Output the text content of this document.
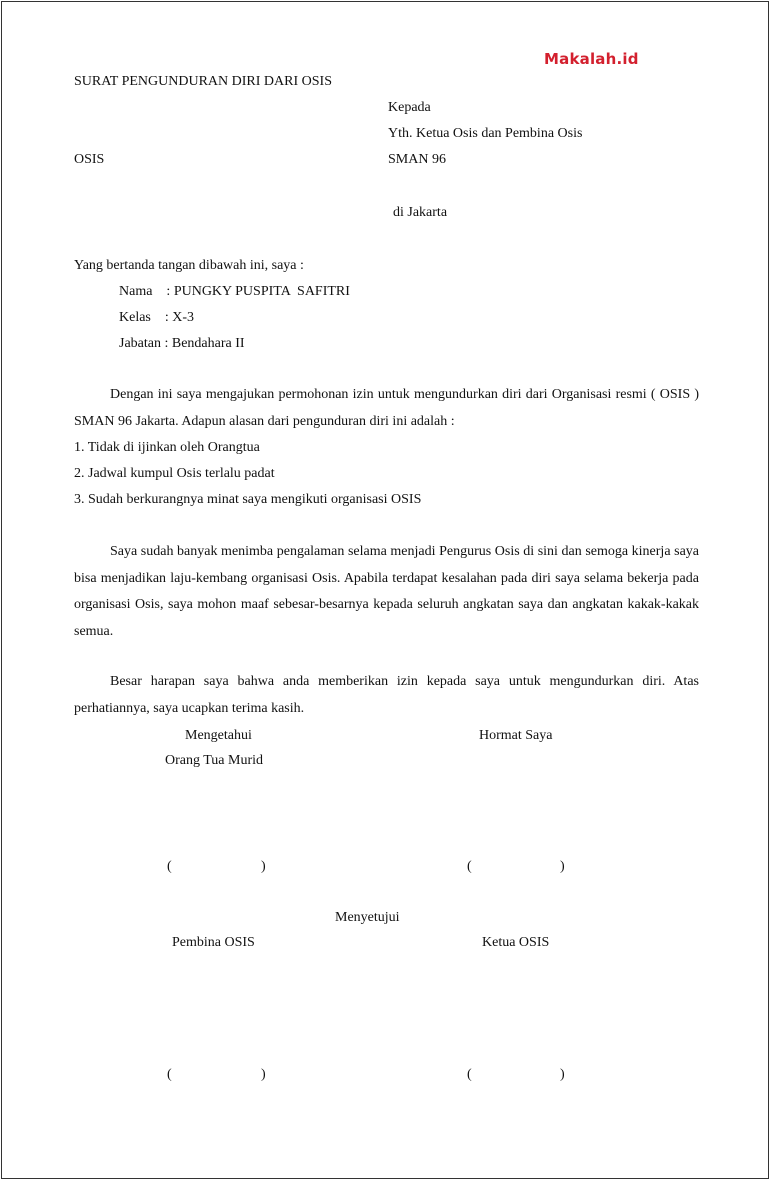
Makalah.id
SURAT PENGUNDURAN DIRI DARI OSIS
Kepada
Yth. Ketua Osis dan Pembina Osis
OSIS	SMAN 96
di Jakarta
Yang bertanda tangan dibawah ini, saya :
Nama    : PUNGKY PUSPITA  SAFITRI
Kelas    : X-3
Jabatan : Bendahara II

Dengan ini saya mengajukan permohonan izin untuk mengundurkan diri dari Organisasi resmi ( OSIS ) SMAN 96 Jakarta. Adapun alasan dari pengunduran diri ini adalah :

1. Tidak di ijinkan oleh Orangtua
2. Jadwal kumpul Osis terlalu padat
3. Sudah berkurangnya minat saya mengikuti organisasi OSIS

Saya sudah banyak menimba pengalaman selama menjadi Pengurus Osis di sini dan semoga kinerja saya bisa menjadikan laju-kembang organisasi Osis. Apabila terdapat kesalahan pada diri saya selama bekerja pada organisasi Osis, saya mohon maaf sebesar-besarnya kepada seluruh angkatan saya dan angkatan kakak-kakak semua.

Besar harapan saya bahwa anda memberikan izin kepada saya untuk mengundurkan diri. Atas perhatiannya, saya ucapkan terima kasih.

Mengetahui
Orang Tua Murid
Hormat Saya
(	)	(	)
Menyetujui
Pembina OSIS	Ketua OSIS
(	)	(	)
